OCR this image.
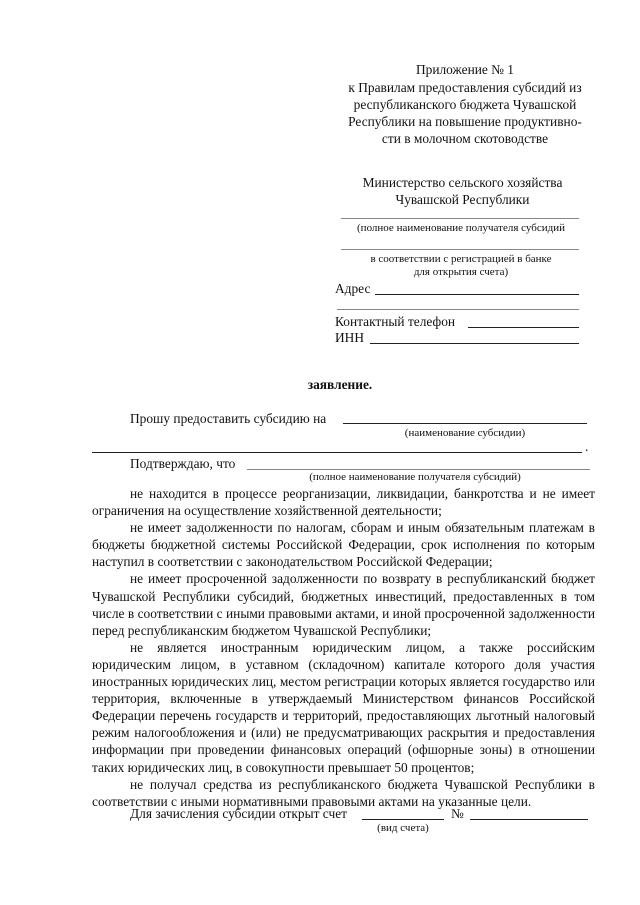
Приложение № 1
к Правилам предоставления субсидий из
республиканского бюджета Чувашской
Республики на повышение продуктивно-
сти в молочном скотоводстве
Министерство сельского хозяйства
Чувашской Республики
(полное наименование получателя субсидий
в соответствии с регистрацией в банке
для открытия счета)
Адрес
Контактный телефон
ИНН
заявление.
Прошу предоставить субсидию на
(наименование субсидии)
.
Подтверждаю, что
(полное наименование получателя субсидий)

не находится в процессе реорганизации, ликвидации, банкротства и не имеет ограничения на осуществление хозяйственной деятельности;

не имеет задолженности по налогам, сборам и иным обязательным платежам в бюджеты бюджетной системы Российской Федерации, срок исполнения по которым наступил в соответствии с законодательством Российской Федерации;

не имеет просроченной задолженности по возврату в республиканский бюджет Чувашской Республики субсидий, бюджетных инвестиций, предоставленных в том числе в соответствии с иными правовыми актами, и иной просроченной задолженности перед республиканским бюджетом Чувашской Республики;

не является иностранным юридическим лицом, а также российским юридическим лицом, в уставном (складочном) капитале которого доля участия иностранных юридических лиц, местом регистрации которых является государство или территория, включенные в утверждаемый Министерством финансов Российской Федерации перечень государств и территорий, предоставляющих льготный налоговый режим налогообложения и (или) не предусматривающих раскрытия и предоставления информации при проведении финансовых операций (офшорные зоны) в отношении таких юридических лиц, в совокупности превышает 50 процентов;

не получал средства из республиканского бюджета Чувашской Республики в соответствии с иными нормативными правовыми актами на указанные цели.

Для зачисления субсидии открыт счет	№
(вид счета)
